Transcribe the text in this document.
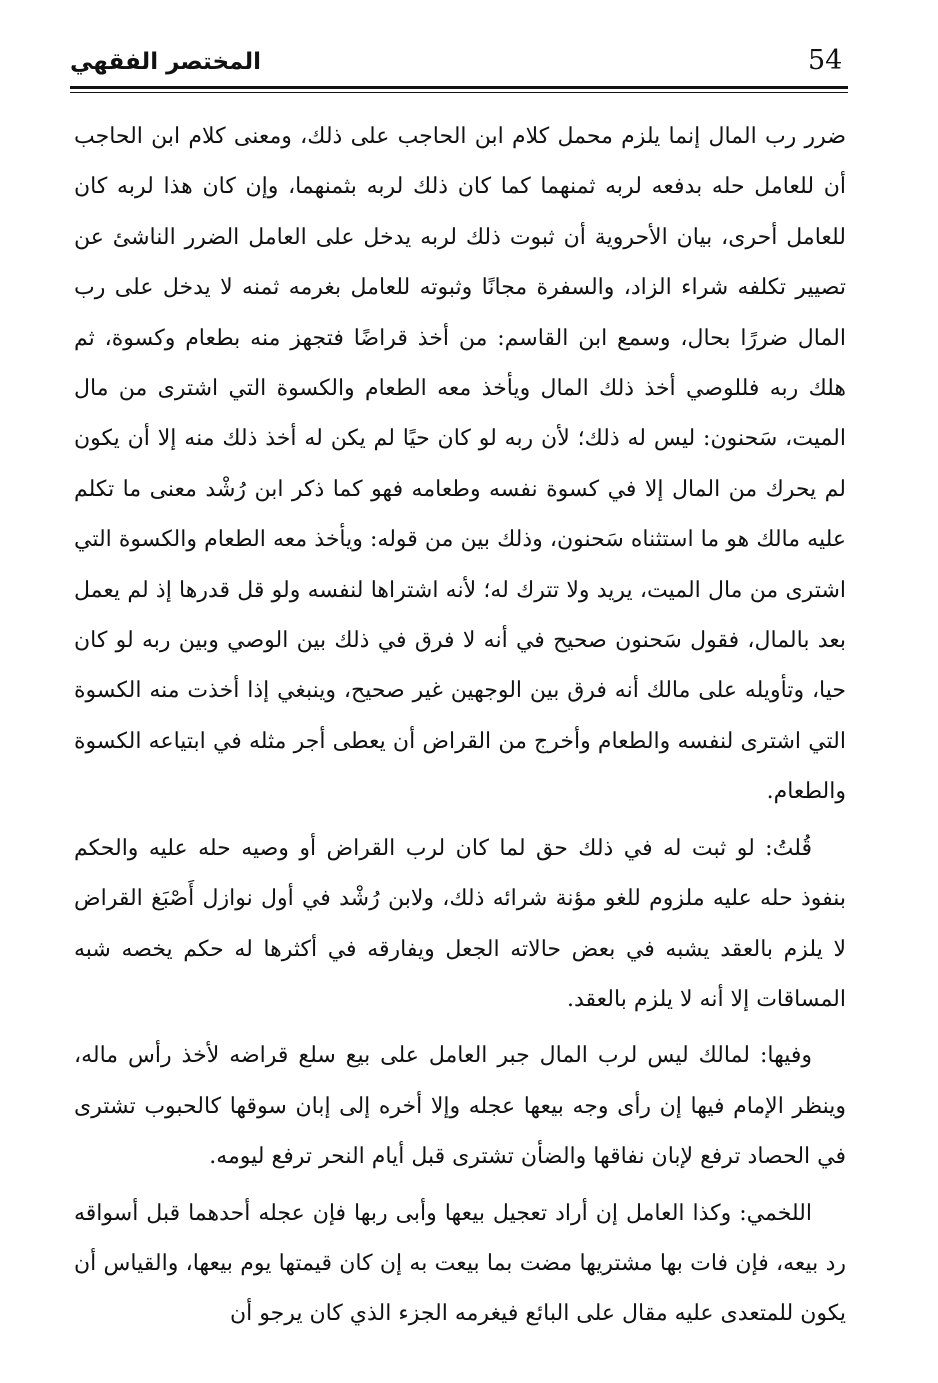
54
المختصر الفقهي

ضرر رب المال إنما يلزم محمل كلام ابن الحاجب على ذلك، ومعنى كلام ابن الحاجب أن للعامل حله بدفعه لربه ثمنهما كما كان ذلك لربه بثمنهما، وإن كان هذا لربه كان للعامل أحرى، بيان الأحروية أن ثبوت ذلك لربه يدخل على العامل الضرر الناشئ عن تصيير تكلفه شراء الزاد، والسفرة مجانًا وثبوته للعامل بغرمه ثمنه لا يدخل على رب المال ضررًا بحال، وسمع ابن القاسم: من أخذ قراضًا فتجهز منه بطعام وكسوة، ثم هلك ربه فللوصي أخذ ذلك المال ويأخذ معه الطعام والكسوة التي اشترى من مال الميت، سَحنون: ليس له ذلك؛ لأن ربه لو كان حيًا لم يكن له أخذ ذلك منه إلا أن يكون لم يحرك من المال إلا في كسوة نفسه وطعامه فهو كما ذكر ابن رُشْد معنى ما تكلم عليه مالك هو ما استثناه سَحنون، وذلك بين من قوله: ويأخذ معه الطعام والكسوة التي اشترى من مال الميت، يريد ولا تترك له؛ لأنه اشتراها لنفسه ولو قل قدرها إذ لم يعمل بعد بالمال، فقول سَحنون صحيح في أنه لا فرق في ذلك بين الوصي وبين ربه لو كان حيا، وتأويله على مالك أنه فرق بين الوجهين غير صحيح، وينبغي إذا أخذت منه الكسوة التي اشترى لنفسه والطعام وأخرج من القراض أن يعطى أجر مثله في ابتياعه الكسوة والطعام.

قُلتُ: لو ثبت له في ذلك حق لما كان لرب القراض أو وصيه حله عليه والحكم بنفوذ حله عليه ملزوم للغو مؤنة شرائه ذلك، ولابن رُشْد في أول نوازل أَصْبَغ القراض لا يلزم بالعقد يشبه في بعض حالاته الجعل ويفارقه في أكثرها له حكم يخصه شبه المساقات إلا أنه لا يلزم بالعقد.

وفيها: لمالك ليس لرب المال جبر العامل على بيع سلع قراضه لأخذ رأس ماله، وينظر الإمام فيها إن رأى وجه بيعها عجله وإلا أخره إلى إبان سوقها كالحبوب تشترى في الحصاد ترفع لإبان نفاقها والضأن تشترى قبل أيام النحر ترفع ليومه.

اللخمي: وكذا العامل إن أراد تعجيل بيعها وأبى ربها فإن عجله أحدهما قبل أسواقه رد بيعه، فإن فات بها مشتريها مضت بما بيعت به إن كان قيمتها يوم بيعها، والقياس أن يكون للمتعدى عليه مقال على البائع فيغرمه الجزء الذي كان يرجو أن
